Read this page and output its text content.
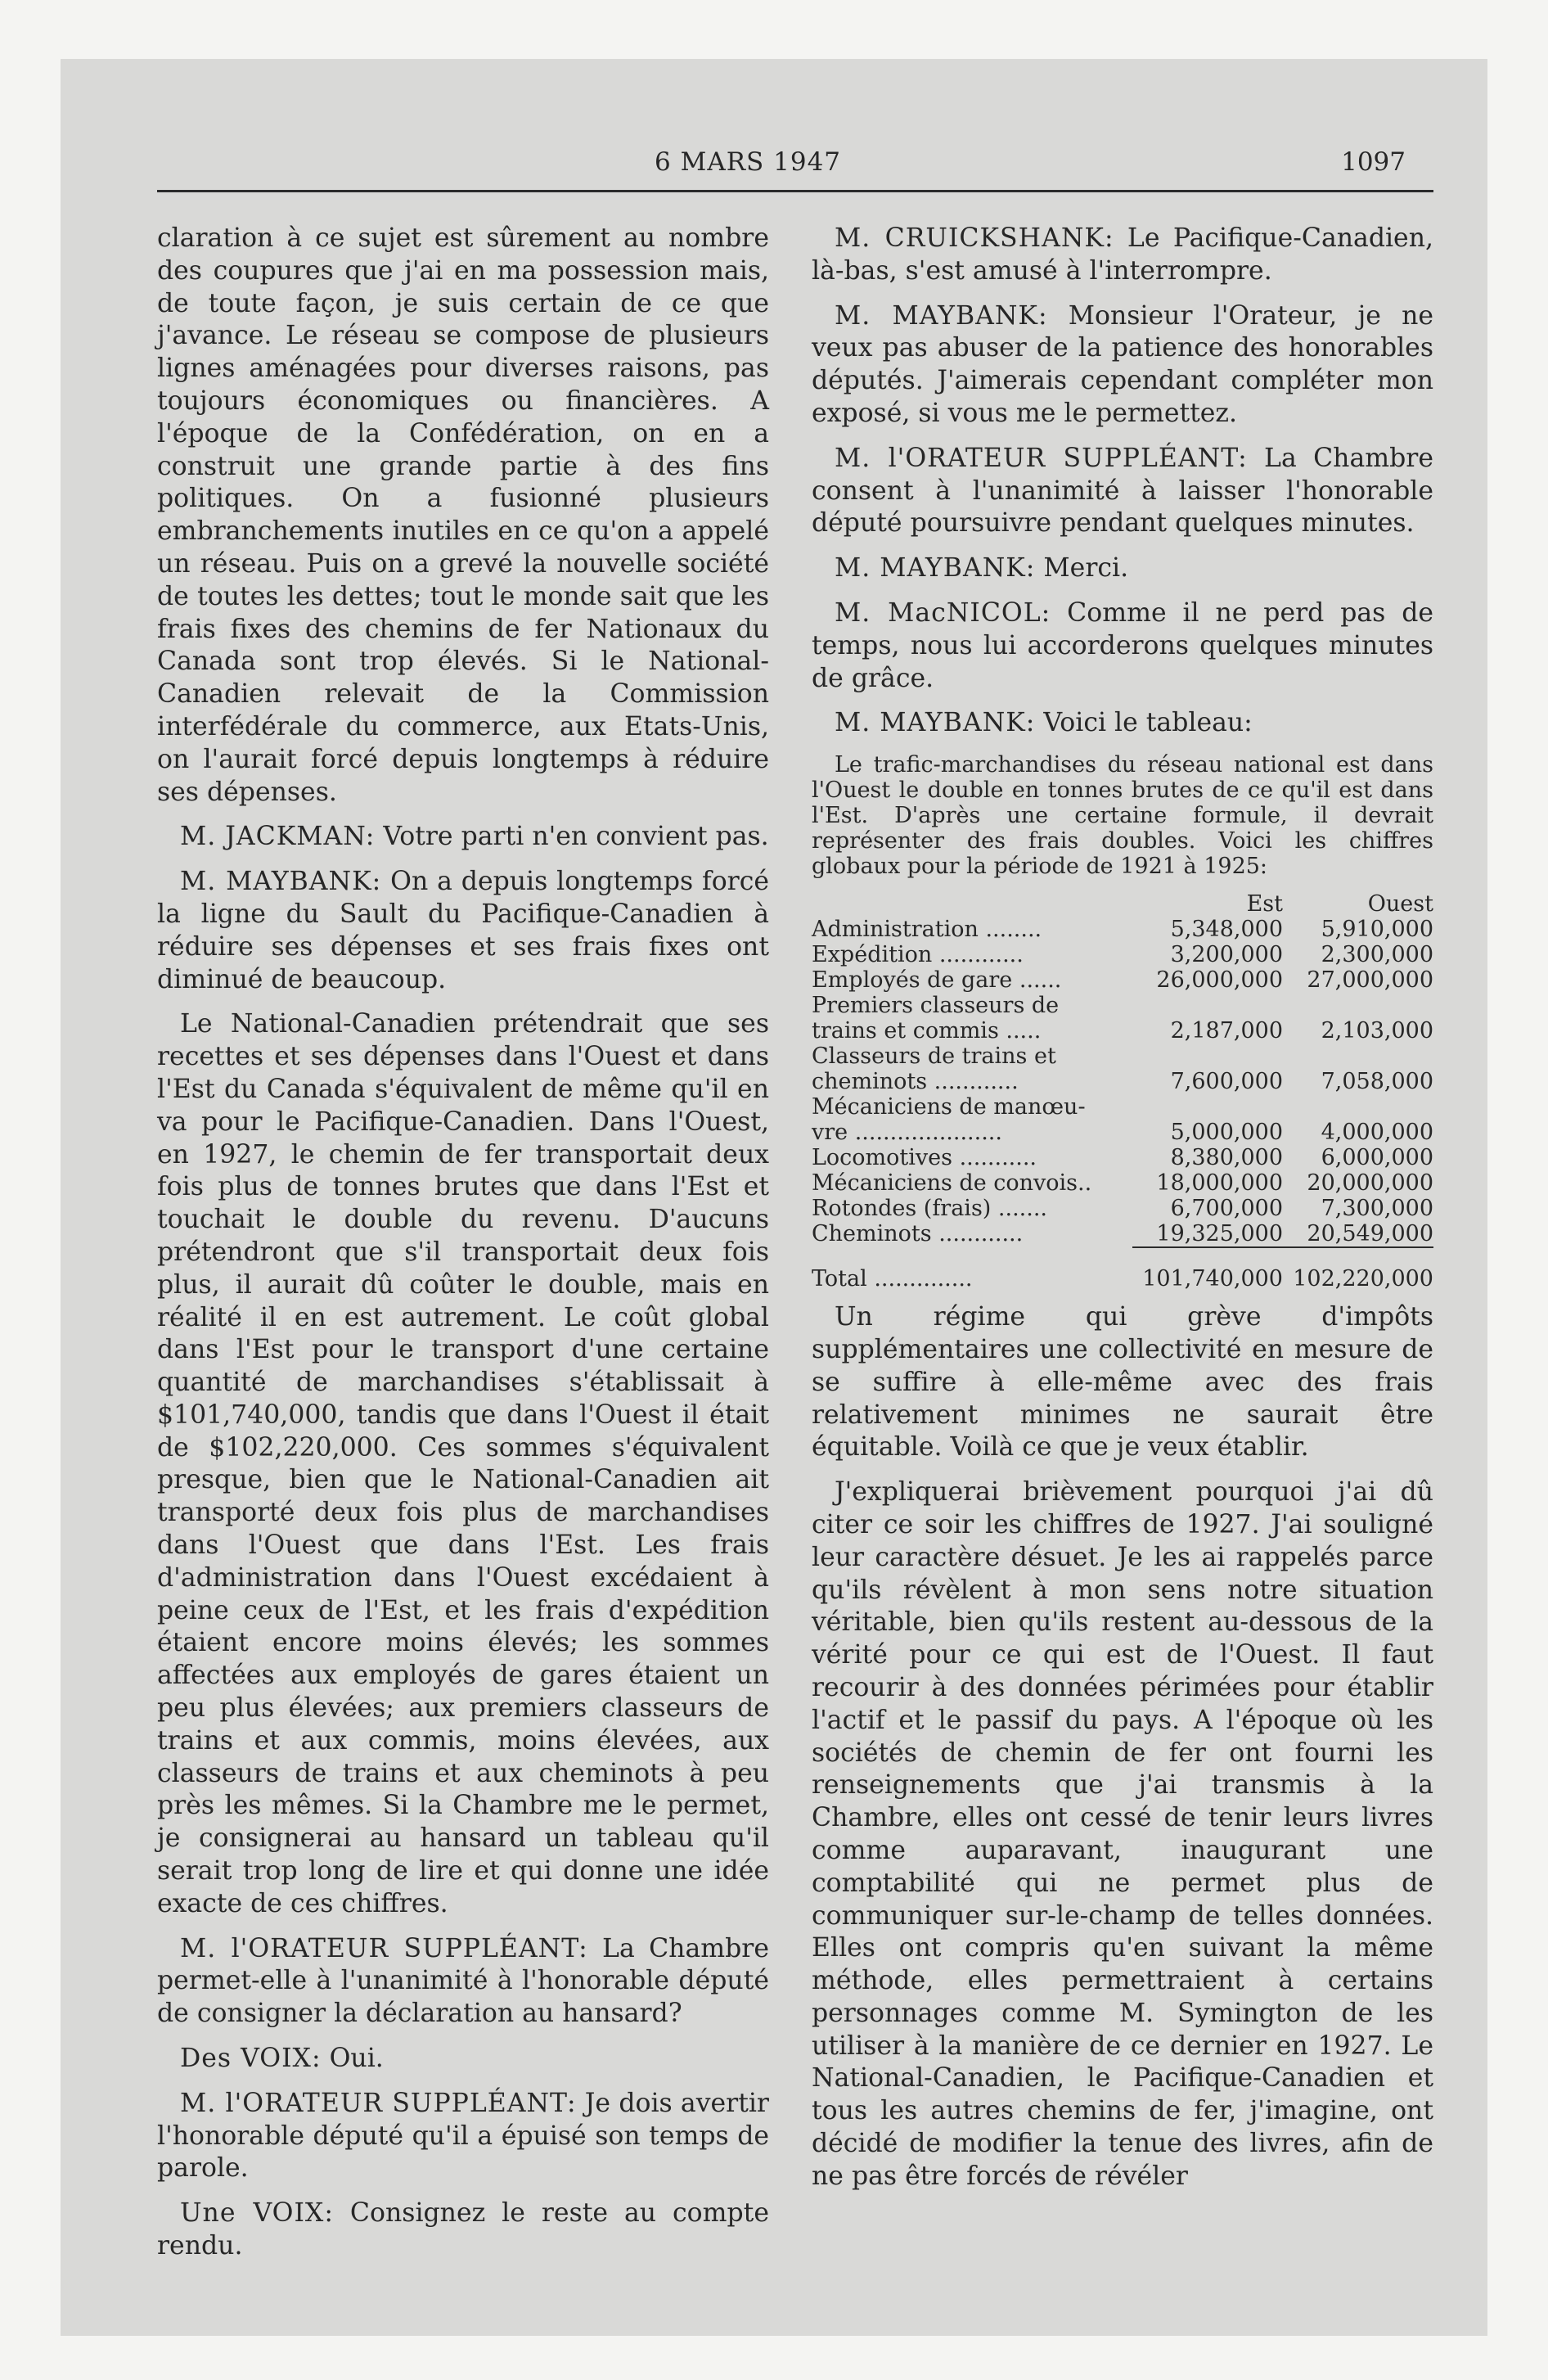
6 MARS 1947	1097

claration à ce sujet est sûrement au nombre des coupures que j'ai en ma possession mais, de toute façon, je suis certain de ce que j'avance. Le réseau se compose de plusieurs lignes aménagées pour diverses raisons, pas toujours économiques ou financières. A l'époque de la Confédération, on en a construit une grande partie à des fins politiques. On a fusionné plusieurs embranchements inutiles en ce qu'on a appelé un réseau. Puis on a grevé la nouvelle société de toutes les dettes; tout le monde sait que les frais fixes des chemins de fer Nationaux du Canada sont trop élevés. Si le National-Canadien relevait de la Commission interfédérale du commerce, aux Etats-Unis, on l'aurait forcé depuis longtemps à réduire ses dépenses.

M. JACKMAN: Votre parti n'en convient pas.

M. MAYBANK: On a depuis longtemps forcé la ligne du Sault du Pacifique-Canadien à réduire ses dépenses et ses frais fixes ont diminué de beaucoup.

Le National-Canadien prétendrait que ses recettes et ses dépenses dans l'Ouest et dans l'Est du Canada s'équivalent de même qu'il en va pour le Pacifique-Canadien. Dans l'Ouest, en 1927, le chemin de fer transportait deux fois plus de tonnes brutes que dans l'Est et touchait le double du revenu. D'aucuns prétendront que s'il transportait deux fois plus, il aurait dû coûter le double, mais en réalité il en est autrement. Le coût global dans l'Est pour le transport d'une certaine quantité de marchandises s'établissait à $101,740,000, tandis que dans l'Ouest il était de $102,220,000. Ces sommes s'équivalent presque, bien que le National-Canadien ait transporté deux fois plus de marchandises dans l'Ouest que dans l'Est. Les frais d'administration dans l'Ouest excédaient à peine ceux de l'Est, et les frais d'expédition étaient encore moins élevés; les sommes affectées aux employés de gares étaient un peu plus élevées; aux premiers classeurs de trains et aux commis, moins élevées, aux classeurs de trains et aux cheminots à peu près les mêmes. Si la Chambre me le permet, je consignerai au hansard un tableau qu'il serait trop long de lire et qui donne une idée exacte de ces chiffres.

M. l'ORATEUR SUPPLÉANT: La Chambre permet-elle à l'unanimité à l'honorable député de consigner la déclaration au hansard?

Des VOIX: Oui.

M. l'ORATEUR SUPPLÉANT: Je dois avertir l'honorable député qu'il a épuisé son temps de parole.

Une VOIX: Consignez le reste au compte rendu.

M. CRUICKSHANK: Le Pacifique-Canadien, là-bas, s'est amusé à l'interrompre.

M. MAYBANK: Monsieur l'Orateur, je ne veux pas abuser de la patience des honorables députés. J'aimerais cependant compléter mon exposé, si vous me le permettez.

M. l'ORATEUR SUPPLÉANT: La Chambre consent à l'unanimité à laisser l'honorable député poursuivre pendant quelques minutes.

M. MAYBANK: Merci.

M. MacNICOL: Comme il ne perd pas de temps, nous lui accorderons quelques minutes de grâce.

M. MAYBANK: Voici le tableau:

Le trafic-marchandises du réseau national est dans l'Ouest le double en tonnes brutes de ce qu'il est dans l'Est. D'après une certaine formule, il devrait représenter des frais doubles. Voici les chiffres globaux pour la période de 1921 à 1925:

	Est	Ouest
Administration ........	5,348,000	5,910,000
Expédition ............	3,200,000	2,300,000
Employés de gare ......	26,000,000	27,000,000
Premiers classeurs de		
trains et commis .....	2,187,000	2,103,000
Classeurs de trains et		
cheminots ............	7,600,000	7,058,000
Mécaniciens de manœu-		
vre .....................	5,000,000	4,000,000
Locomotives ...........	8,380,000	6,000,000
Mécaniciens de convois..	18,000,000	20,000,000
Rotondes (frais) .......	6,700,000	7,300,000
Cheminots ............	19,325,000	20,549,000

Total ..............	101,740,000	102,220,000

Un régime qui grève d'impôts supplémentaires une collectivité en mesure de se suffire à elle-même avec des frais relativement minimes ne saurait être équitable. Voilà ce que je veux établir.

J'expliquerai brièvement pourquoi j'ai dû citer ce soir les chiffres de 1927. J'ai souligné leur caractère désuet. Je les ai rappelés parce qu'ils révèlent à mon sens notre situation véritable, bien qu'ils restent au-dessous de la vérité pour ce qui est de l'Ouest. Il faut recourir à des données périmées pour établir l'actif et le passif du pays. A l'époque où les sociétés de chemin de fer ont fourni les renseignements que j'ai transmis à la Chambre, elles ont cessé de tenir leurs livres comme auparavant, inaugurant une comptabilité qui ne permet plus de communiquer sur-le-champ de telles données. Elles ont compris qu'en suivant la même méthode, elles permettraient à certains personnages comme M. Symington de les utiliser à la manière de ce dernier en 1927. Le National-Canadien, le Pacifique-Canadien et tous les autres chemins de fer, j'imagine, ont décidé de modifier la tenue des livres, afin de ne pas être forcés de révéler
